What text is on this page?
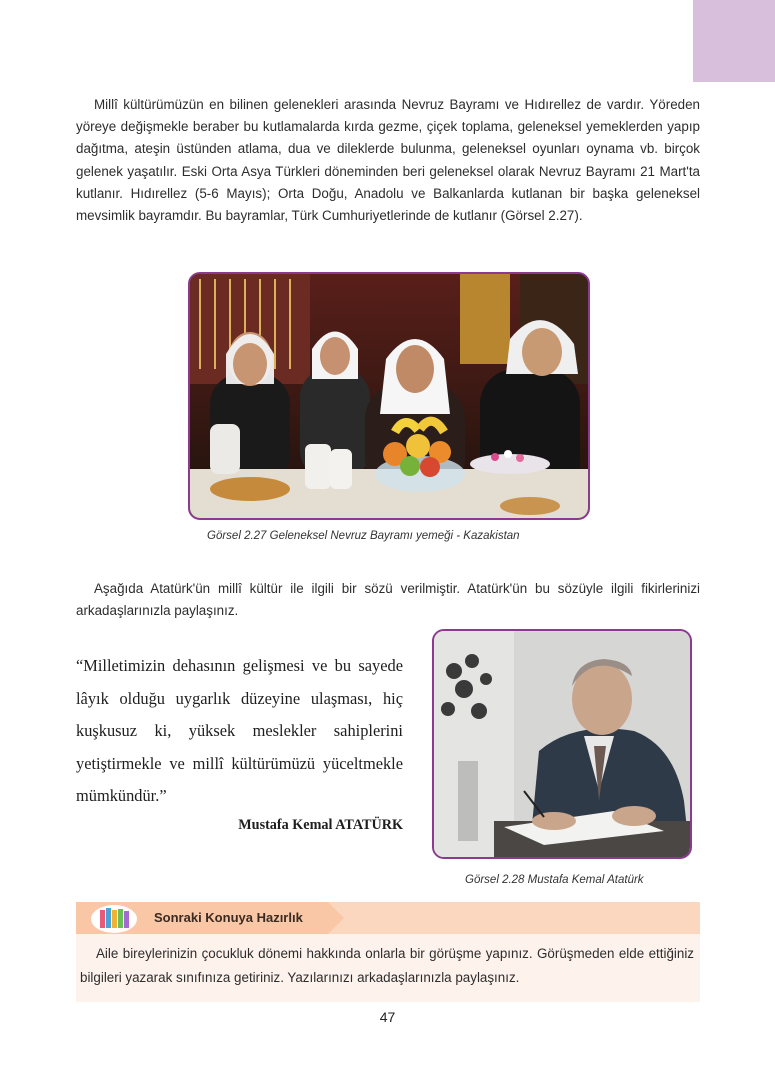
Millî kültürümüzün en bilinen gelenekleri arasında Nevruz Bayramı ve Hıdırellez de vardır. Yöreden yöreye değişmekle beraber bu kutlamalarda kırda gezme, çiçek toplama, geleneksel yemeklerden yapıp dağıtma, ateşin üstünden atlama, dua ve dileklerde bulunma, geleneksel oyunları oynama vb. birçok gelenek yaşatılır. Eski Orta Asya Türkleri döneminden beri geleneksel olarak Nevruz Bayramı 21 Mart'ta kutlanır. Hıdırellez (5-6 Mayıs); Orta Doğu, Anadolu ve Balkanlarda kutlanan bir başka geleneksel mevsimlik bayramdır. Bu bayramlar, Türk Cumhuriyetlerinde de kutlanır (Görsel 2.27).

Görsel 2.27 Geleneksel Nevruz Bayramı yemeği - Kazakistan

Aşağıda Atatürk'ün millî kültür ile ilgili bir sözü verilmiştir. Atatürk'ün bu sözüyle ilgili fikirlerinizi arkadaşlarınızla paylaşınız.

“Milletimizin dehasının gelişmesi ve bu sayede lâyık olduğu uygarlık düzeyine ulaşması, hiç kuşkusuz ki, yüksek meslekler sahiplerini yetiştirmekle ve millî kültürümüzü yüceltmekle mümkündür.”

Mustafa Kemal ATATÜRK
Görsel 2.28 Mustafa Kemal Atatürk
Sonraki Konuya Hazırlık

Aile bireylerinizin çocukluk dönemi hakkında onlarla bir görüşme yapınız. Görüşmeden elde ettiğiniz bilgileri yazarak sınıfınıza getiriniz. Yazılarınızı arkadaşlarınızla paylaşınız.

47
